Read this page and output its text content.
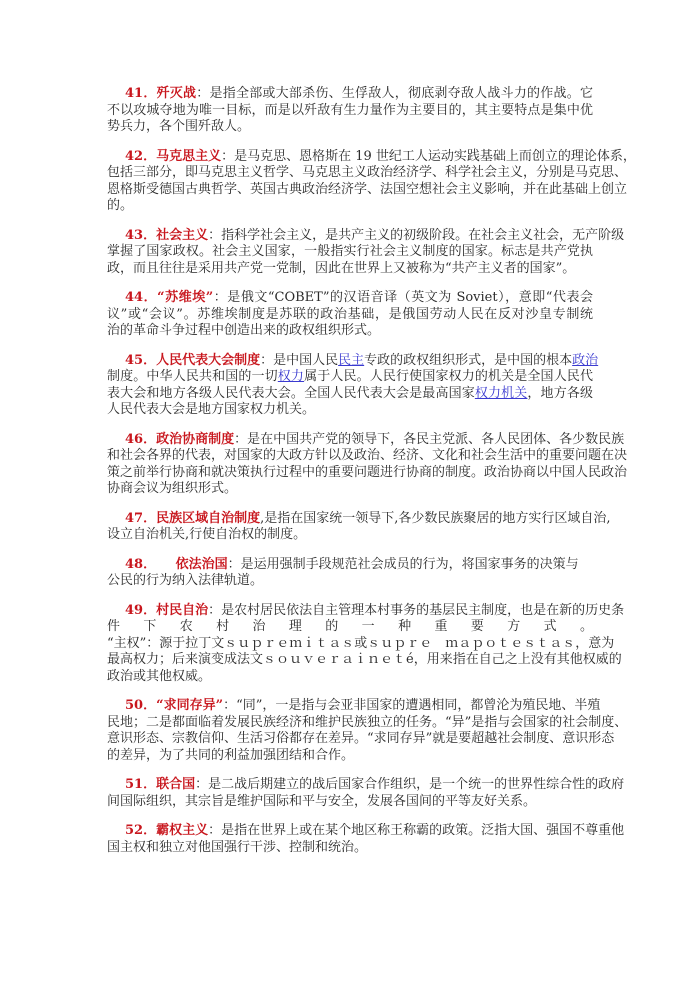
41．歼灭战：是指全部或大部杀伤、生俘敌人，彻底剥夺敌人战斗力的作战。它
不以攻城夺地为唯一目标，而是以歼敌有生力量作为主要目的，其主要特点是集中优
势兵力，各个围歼敌人。
42．马克思主义：是马克思、恩格斯在 19 世纪工人运动实践基础上而创立的理论体系，
包括三部分，即马克思主义哲学、马克思主义政治经济学、科学社会主义，分别是马克思、
恩格斯受德国古典哲学、英国古典政治经济学、法国空想社会主义影响，并在此基础上创立
的。
43．社会主义：指科学社会主义，是共产主义的初级阶段。在社会主义社会，无产阶级
掌握了国家政权。社会主义国家，一般指实行社会主义制度的国家。标志是共产党执
政，而且往往是采用共产党一党制，因此在世界上又被称为“共产主义者的国家”。
44．“苏维埃”：是俄文“COBET”的汉语音译（英文为 Soviet），意即“代表会
议”或“会议”。苏维埃制度是苏联的政治基础，是俄国劳动人民在反对沙皇专制统
治的革命斗争过程中创造出来的政权组织形式。
45．人民代表大会制度：是中国人民民主专政的政权组织形式，是中国的根本政治
制度。中华人民共和国的一切权力属于人民。人民行使国家权力的机关是全国人民代
表大会和地方各级人民代表大会。全国人民代表大会是最高国家权力机关，地方各级
人民代表大会是地方国家权力机关。
46．政治协商制度：是在中国共产党的领导下，各民主党派、各人民团体、各少数民族
和社会各界的代表，对国家的大政方针以及政治、经济、文化和社会生活中的重要问题在决
策之前举行协商和就决策执行过程中的重要问题进行协商的制度。政治协商以中国人民政治
协商会议为组织形式。
47．民族区域自治制度,是指在国家统一领导下,各少数民族聚居的地方实行区域自治,
设立自治机关,行使自治权的制度。
48．　　依法治国：是运用强制手段规范社会成员的行为，将国家事务的决策与
公民的行为纳入法律轨道。
49．村民自治：是农村居民依法自主管理本村事务的基层民主制度，也是在新的历史条
件下农村治理的一种重要方式。
“主权”：源于拉丁文ｓｕｐｒｅｍｉｔａｓ或ｓｕｐｒｅ　ｍａｐｏｔｅｓｔａｓ，意为
最高权力；后来演变成法文ｓｏｕｖｅｒａｉｎｅｔé，用来指在自己之上没有其他权威的
政治或其他权威。
50．“求同存异”：“同”，一是指与会亚非国家的遭遇相同，都曾沦为殖民地、半殖
民地；二是都面临着发展民族经济和维护民族独立的任务。“异”是指与会国家的社会制度、
意识形态、宗教信仰、生活习俗都存在差异。“求同存异”就是要超越社会制度、意识形态
的差异，为了共同的利益加强团结和合作。
51．联合国：是二战后期建立的战后国家合作组织，是一个统一的世界性综合性的政府
间国际组织，其宗旨是维护国际和平与安全，发展各国间的平等友好关系。
52．霸权主义：是指在世界上或在某个地区称王称霸的政策。泛指大国、强国不尊重他
国主权和独立对他国强行干涉、控制和统治。
